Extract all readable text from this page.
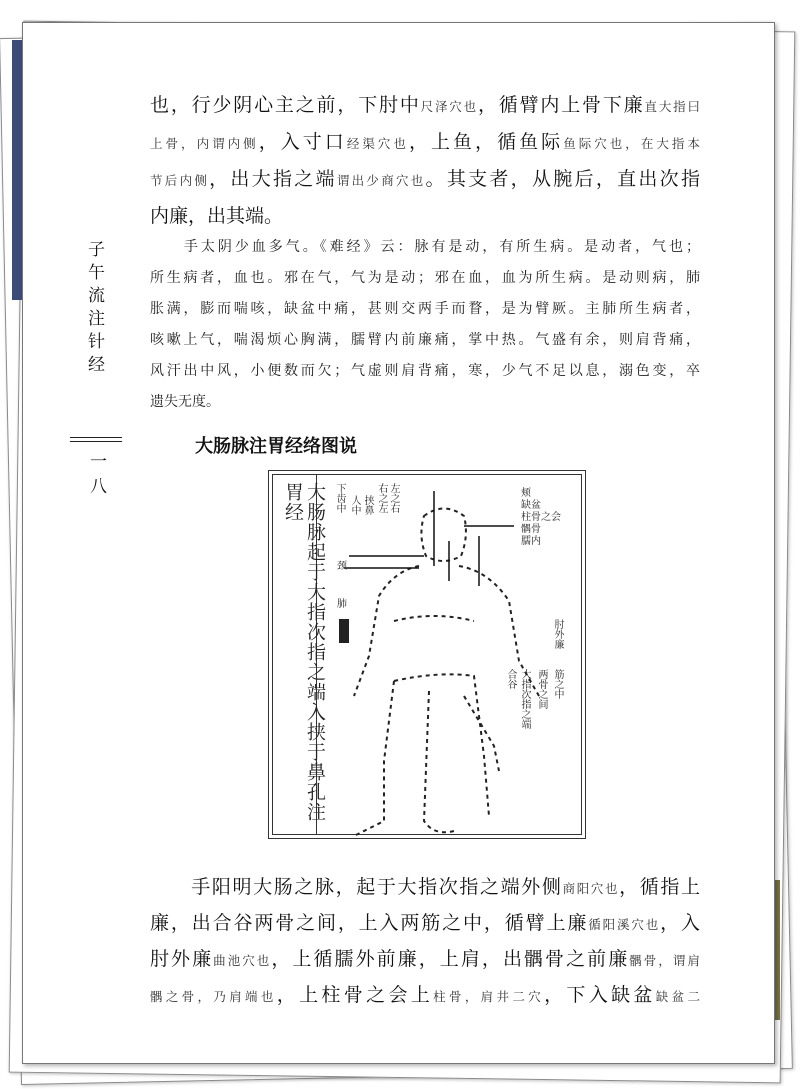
子午流注针经
一八
也，行少阴心主之前，下肘中尺泽穴也，循臂内上骨下廉直大指曰
上骨，内谓内侧，入寸口经渠穴也，上鱼，循鱼际鱼际穴也，在大指本
节后内侧，出大指之端谓出少商穴也。其支者，从腕后，直出次指
内廉，出其端。
　　手太阴少血多气。《难经》云：脉有是动，有所生病。是动者，气也；
所生病者，血也。邪在气，气为是动；邪在血，血为所生病。是动则病，肺
胀满，膨而喘咳，缺盆中痛，甚则交两手而瞀，是为臂厥。主肺所生病者，
咳嗽上气，喘渴烦心胸满，臑臂内前廉痛，掌中热。气盛有余，则肩背痛，
风汗出中风，小便数而欠；气虚则肩背痛，寒，少气不足以息，溺色变，卒
遗失无度。
大肠脉注胃经络图说
大肠脉起于大指次指之端入挟于鼻孔注胃经	下齿中 人中 挟鼻 右之左 左之右
颈
肺
颊
缺盆
柱骨之会
髃骨
臑内
肘外廉
筋之中
两骨之间
大指次指之端
合谷
　　手阳明大肠之脉，起于大指次指之端外侧商阳穴也，循指上
廉，出合谷两骨之间，上入两筋之中，循臂上廉循阳溪穴也，入
肘外廉曲池穴也，上循臑外前廉，上肩，出髃骨之前廉髃骨，谓肩
髃之骨，乃肩端也，上柱骨之会上柱骨，肩井二穴，下入缺盆缺盆二
